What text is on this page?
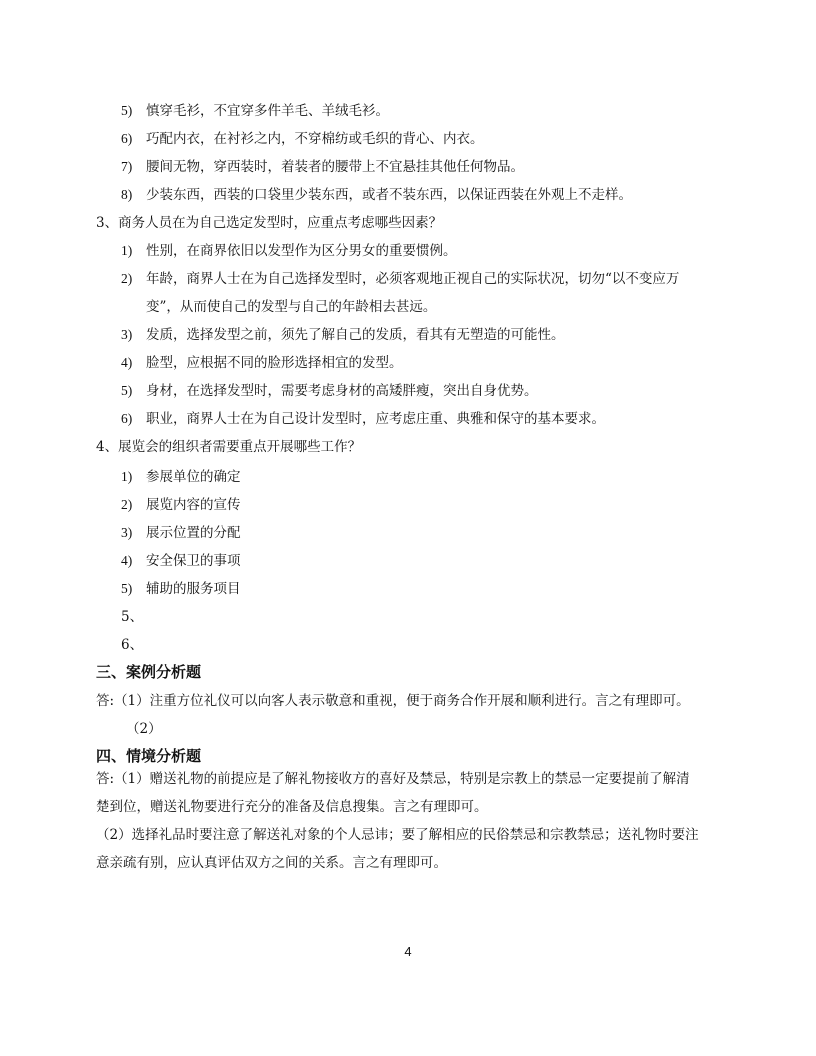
5) 慎穿毛衫，不宜穿多件羊毛、羊绒毛衫。
6) 巧配内衣，在衬衫之内，不穿棉纺或毛织的背心、内衣。
7) 腰间无物，穿西装时，着装者的腰带上不宜悬挂其他任何物品。
8) 少装东西，西装的口袋里少装东西，或者不装东西，以保证西装在外观上不走样。
3、商务人员在为自己选定发型时，应重点考虑哪些因素？
1) 性别，在商界依旧以发型作为区分男女的重要惯例。
2) 年龄，商界人士在为自己选择发型时，必须客观地正视自己的实际状况，切勿“以不变应万
变”，从而使自己的发型与自己的年龄相去甚远。
3) 发质，选择发型之前，须先了解自己的发质，看其有无塑造的可能性。
4) 脸型，应根据不同的脸形选择相宜的发型。
5) 身材，在选择发型时，需要考虑身材的高矮胖瘦，突出自身优势。
6) 职业，商界人士在为自己设计发型时，应考虑庄重、典雅和保守的基本要求。
4、展览会的组织者需要重点开展哪些工作？
1) 参展单位的确定
2) 展览内容的宣传
3) 展示位置的分配
4) 安全保卫的事项
5) 辅助的服务项目
5、
6、
三、案例分析题
答:（1）注重方位礼仪可以向客人表示敬意和重视，便于商务合作开展和顺利进行。言之有理即可。
（2）
四、情境分析题
答:（1）赠送礼物的前提应是了解礼物接收方的喜好及禁忌，特别是宗教上的禁忌一定要提前了解清
楚到位，赠送礼物要进行充分的准备及信息搜集。言之有理即可。
（2）选择礼品时要注意了解送礼对象的个人忌讳；要了解相应的民俗禁忌和宗教禁忌；送礼物时要注
意亲疏有别，应认真评估双方之间的关系。言之有理即可。
4
